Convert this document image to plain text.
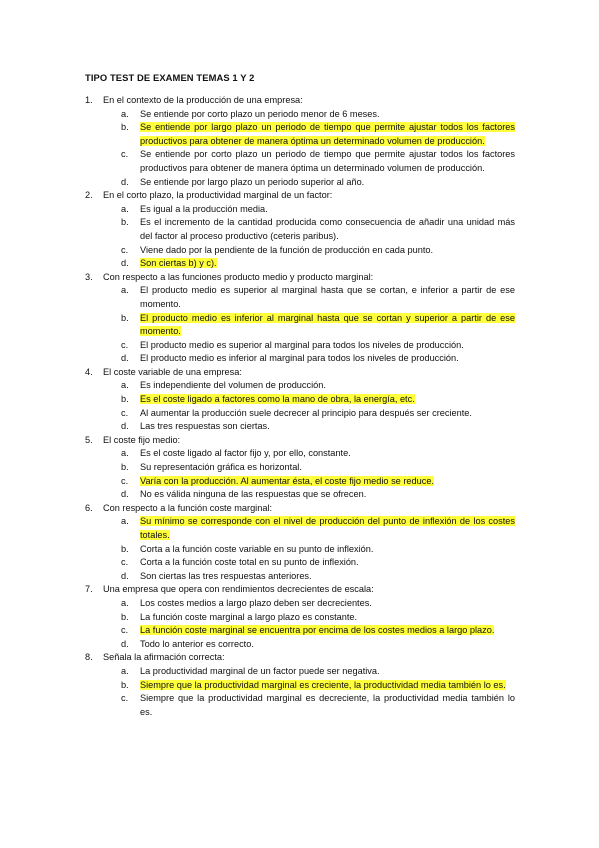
TIPO TEST DE EXAMEN TEMAS 1 Y 2
1.	En el contexto de la producción de una empresa:
a.	Se entiende por corto plazo un periodo menor de 6 meses.
b.	Se entiende por largo plazo un periodo de tiempo que permite ajustar todos los factores productivos para obtener de manera óptima un determinado volumen de producción.
c.	Se entiende por corto plazo un periodo de tiempo que permite ajustar todos los factores productivos para obtener de manera óptima un determinado volumen de producción.
d.	Se entiende por largo plazo un periodo superior al año.
2.	En el corto plazo, la productividad marginal de un factor:
a.	Es igual a la producción media.
b.	Es el incremento de la cantidad producida como consecuencia de añadir una unidad más del factor al proceso productivo (ceteris paribus).
c.	Viene dado por la pendiente de la función de producción en cada punto.
d.	Son ciertas b) y c).
3.	Con respecto a las funciones producto medio y producto marginal:
a.	El producto medio es superior al marginal hasta que se cortan, e inferior a partir de ese momento.
b.	El producto medio es inferior al marginal hasta que se cortan y superior a partir de ese momento.
c.	El producto medio es superior al marginal para todos los niveles de producción.
d.	El producto medio es inferior al marginal para todos los niveles de producción.
4.	El coste variable de una empresa:
a.	Es independiente del volumen de producción.
b.	Es el coste ligado a factores como la mano de obra, la energía, etc.
c.	Al aumentar la producción suele decrecer al principio para después ser creciente.
d.	Las tres respuestas son ciertas.
5.	El coste fijo medio:
a.	Es el coste ligado al factor fijo y, por ello, constante.
b.	Su representación gráfica es horizontal.
c.	Varía con la producción. Al aumentar ésta, el coste fijo medio se reduce.
d.	No es válida ninguna de las respuestas que se ofrecen.
6.	Con respecto a la función coste marginal:
a.	Su mínimo se corresponde con el nivel de producción del punto de inflexión de los costes totales.
b.	Corta a la función coste variable en su punto de inflexión.
c.	Corta a la función coste total en su punto de inflexión.
d.	Son ciertas las tres respuestas anteriores.
7.	Una empresa que opera con rendimientos decrecientes de escala:
a.	Los costes medios a largo plazo deben ser decrecientes.
b.	La función coste marginal a largo plazo es constante.
c.	La función coste marginal se encuentra por encima de los costes medios a largo plazo.
d.	Todo lo anterior es correcto.
8.	Señala la afirmación correcta:
a.	La productividad marginal de un factor puede ser negativa.
b.	Siempre que la productividad marginal es creciente, la productividad media también lo es.
c.	Siempre que la productividad marginal es decreciente, la productividad media también lo es.
